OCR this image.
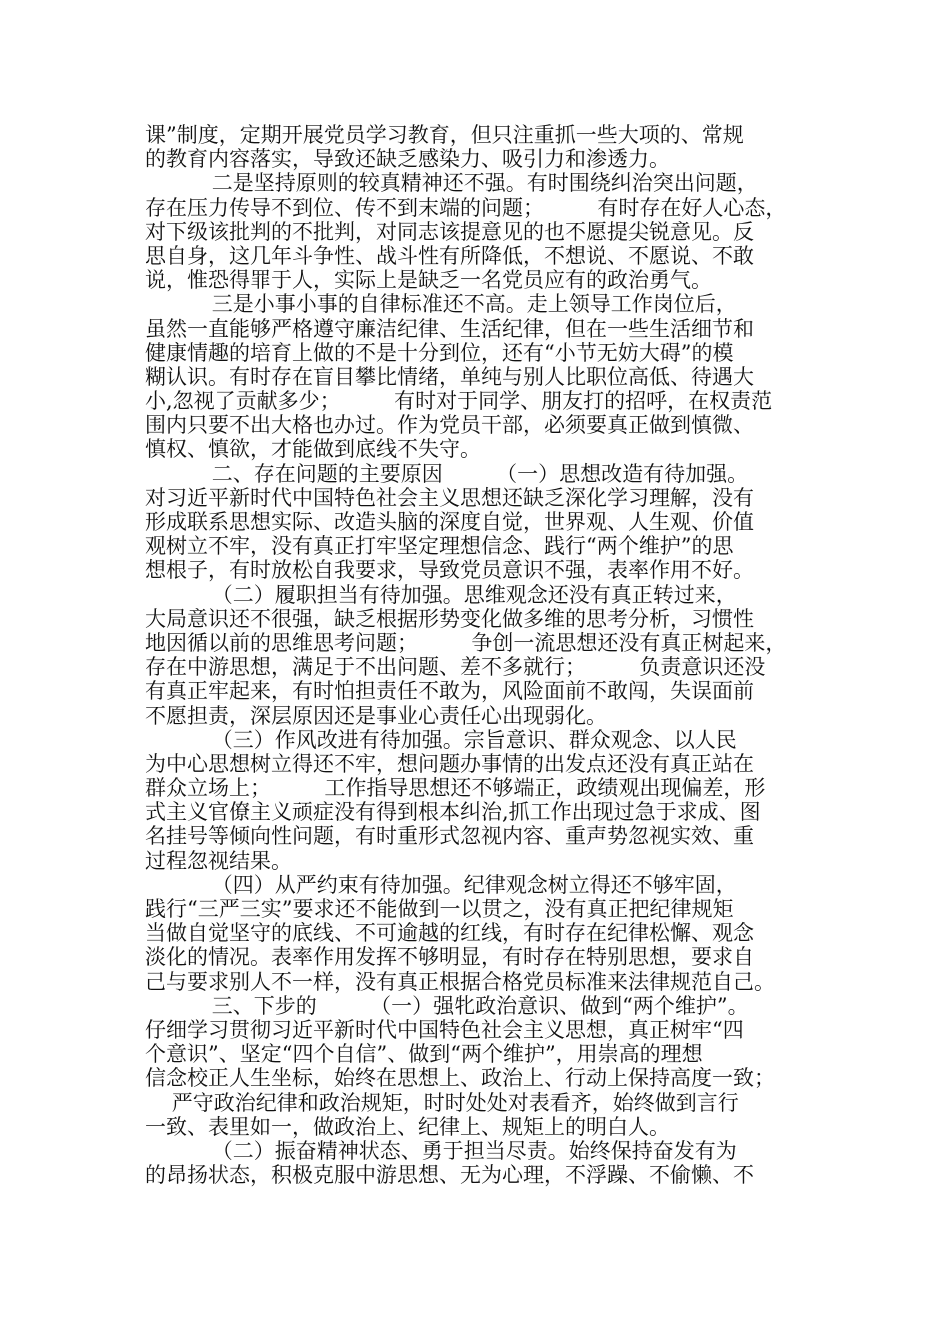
课”制度，定期开展党员学习教育，但只注重抓一些大项的、常规
的教育内容落实，导致还缺乏感染力、吸引力和渗透力。
二是坚持原则的较真精神还不强。有时围绕纠治突出问题，
存在压力传导不到位、传不到末端的问题；        有时存在好人心态，
对下级该批判的不批判，对同志该提意见的也不愿提尖锐意见。反
思自身，这几年斗争性、战斗性有所降低，不想说、不愿说、不敢
说，惟恐得罪于人，实际上是缺乏一名党员应有的政治勇气。
三是小事小事的自律标准还不高。走上领导工作岗位后，
虽然一直能够严格遵守廉洁纪律、生活纪律，但在一些生活细节和
健康情趣的培育上做的不是十分到位，还有“小节无妨大碍”的模
糊认识。有时存在盲目攀比情绪，单纯与别人比职位高低、待遇大
小,忽视了贡献多少；        有时对于同学、朋友打的招呼，在权责范
围内只要不出大格也办过。作为党员干部，必须要真正做到慎微、
慎权、慎欲，才能做到底线不失守。
二、存在问题的主要原因        （一）思想改造有待加强。
对习近平新时代中国特色社会主义思想还缺乏深化学习理解，没有
形成联系思想实际、改造头脑的深度自觉，世界观、人生观、价值
观树立不牢，没有真正打牢坚定理想信念、践行“两个维护”的思
想根子，有时放松自我要求，导致党员意识不强，表率作用不好。
（二）履职担当有待加强。思维观念还没有真正转过来，
大局意识还不很强，缺乏根据形势变化做多维的思考分析，习惯性
地因循以前的思维思考问题；        争创一流思想还没有真正树起来，
存在中游思想，满足于不出问题、差不多就行；        负责意识还没
有真正牢起来，有时怕担责任不敢为，风险面前不敢闯，失误面前
不愿担责，深层原因还是事业心责任心出现弱化。
（三）作风改进有待加强。宗旨意识、群众观念、以人民
为中心思想树立得还不牢，想问题办事情的出发点还没有真正站在
群众立场上；        工作指导思想还不够端正，政绩观出现偏差，形
式主义官僚主义顽症没有得到根本纠治,抓工作出现过急于求成、图
名挂号等倾向性问题，有时重形式忽视内容、重声势忽视实效、重
过程忽视结果。
（四）从严约束有待加强。纪律观念树立得还不够牢固，
践行“三严三实”要求还不能做到一以贯之，没有真正把纪律规矩
当做自觉坚守的底线、不可逾越的红线，有时存在纪律松懈、观念
淡化的情况。表率作用发挥不够明显，有时存在特别思想，要求自
己与要求别人不一样，没有真正根据合格党员标准来法律规范自己。
三、下步的        （一）强牝政治意识、做到“两个维护”。
仔细学习贯彻习近平新时代中国特色社会主义思想，真正树牢“四
个意识”、坚定“四个自信”、做到“两个维护”，用崇高的理想
信念校正人生坐标，始终在思想上、政治上、行动上保持高度一致；
严守政治纪律和政治规矩，时时处处对表看齐，始终做到言行
一致、表里如一，做政治上、纪律上、规矩上的明白人。
（二）振奋精神状态、勇于担当尽责。始终保持奋发有为
的昂扬状态，积极克服中游思想、无为心理，不浮躁、不偷懒、不
